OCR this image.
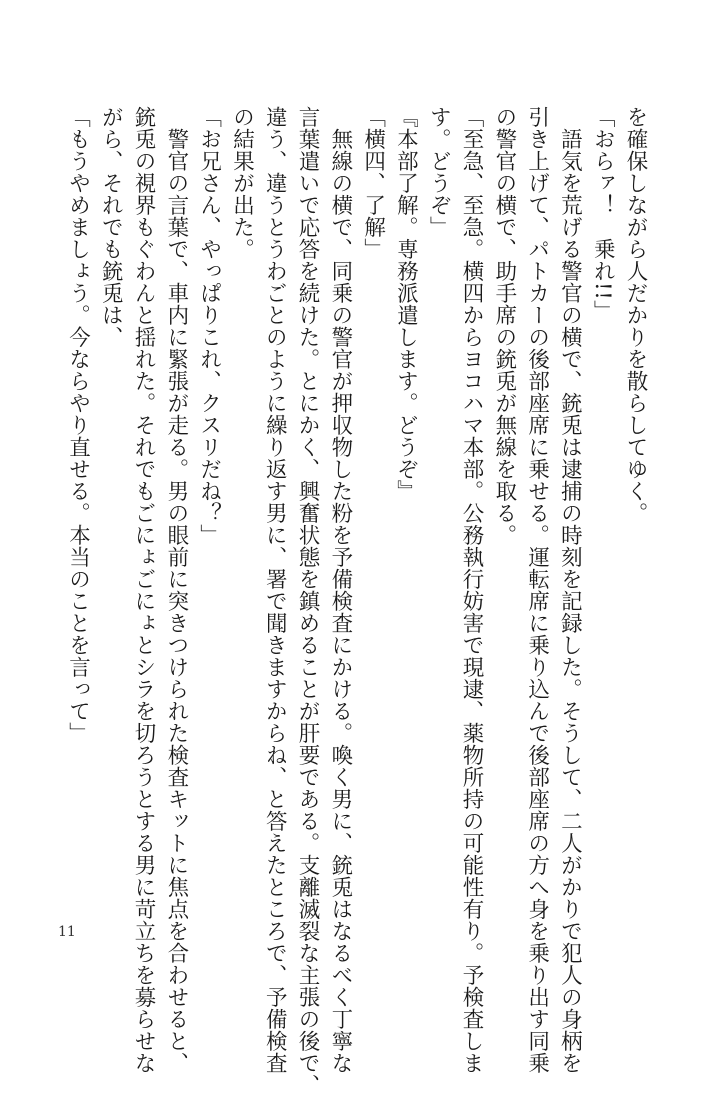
を確保しながら人だかりを散らしてゆく。
「おらァ！　乗れ!!」
　語気を荒げる警官の横で、銃兎は逮捕の時刻を記録した。そうして、二人がかりで犯人の身柄を
引き上げて、パトカーの後部座席に乗せる。運転席に乗り込んで後部座席の方へ身を乗り出す同乗
の警官の横で、助手席の銃兎が無線を取る。
「至急、至急。横四からヨコハマ本部。公務執行妨害で現逮、薬物所持の可能性有り。予検査しま
す。どうぞ」
『本部了解。専務派遣します。どうぞ』
「横四、了解」
　無線の横で、同乗の警官が押収物した粉を予備検査にかける。喚く男に、銃兎はなるべく丁寧な
言葉遣いで応答を続けた。とにかく、興奮状態を鎮めることが肝要である。支離滅裂な主張の後で、
違う、違うとうわごとのように繰り返す男に、署で聞きますからね、と答えたところで、予備検査
の結果が出た。
「お兄さん、やっぱりこれ、クスリだね？」
　警官の言葉で、車内に緊張が走る。男の眼前に突きつけられた検査キットに焦点を合わせると、
銃兎の視界もぐわんと揺れた。それでもごにょごにょとシラを切ろうとする男に苛立ちを募らせな
がら、それでも銃兎は、
「もうやめましょう。今ならやり直せる。本当のことを言って」
11
